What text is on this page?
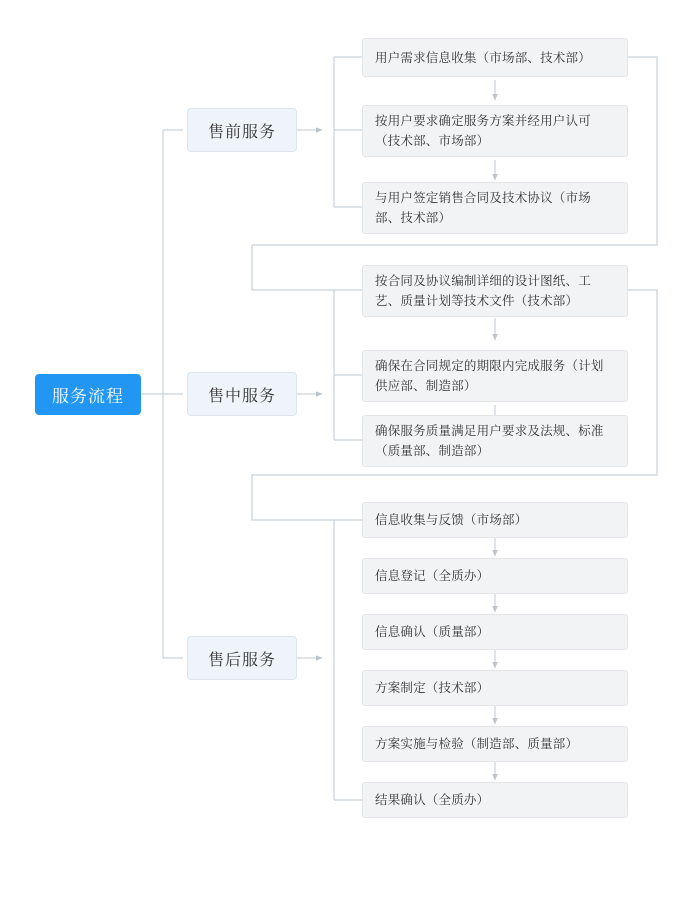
服务流程
售前服务
用户需求信息收集（市场部、技术部）
按用户要求确定服务方案并经用户认可（技术部、市场部）
与用户签定销售合同及技术协议（市场部、技术部）
售中服务
按合同及协议编制详细的设计图纸、工艺、质量计划等技术文件（技术部）
确保在合同规定的期限内完成服务（计划供应部、制造部）
确保服务质量满足用户要求及法规、标准（质量部、制造部）
售后服务
信息收集与反馈（市场部）
信息登记（全质办）
信息确认（质量部）
方案制定（技术部）
方案实施与检验（制造部、质量部）
结果确认（全质办）
